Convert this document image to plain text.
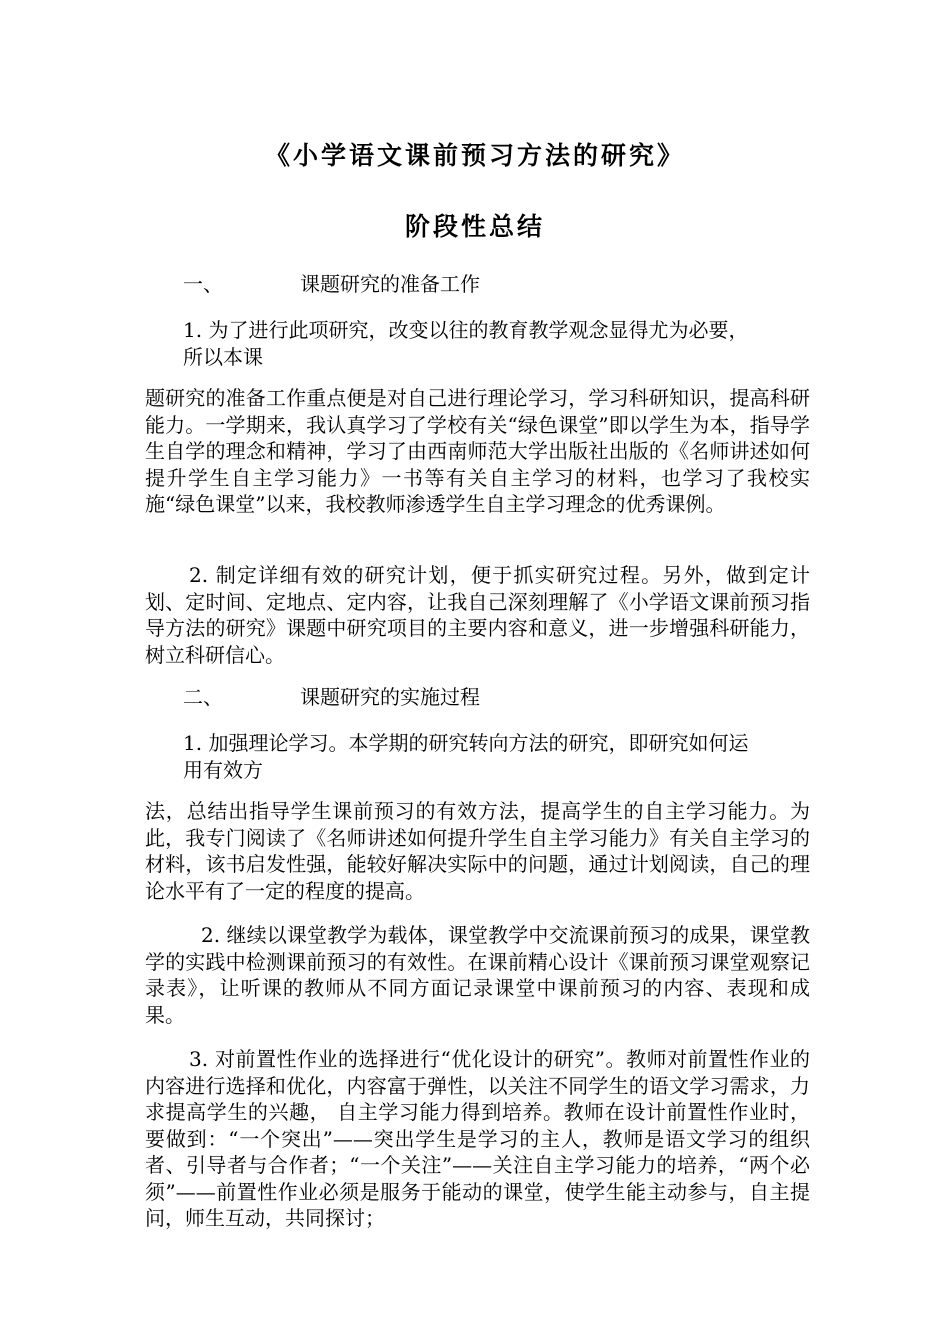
《小学语文课前预习方法的研究》
阶段性总结
一、	课题研究的准备工作

1. 为了进行此项研究，改变以往的教育教学观念显得尤为必要，

所以本课

题研究的准备工作重点便是对自己进行理论学习，学习科研知识，提高科研能力。一学期来，我认真学习了学校有关“绿色课堂”即以学生为本，指导学生自学的理念和精神，学习了由西南师范大学出版社出版的《名师讲述如何提升学生自主学习能力》一书等有关自主学习的材料，也学习了我校实施“绿色课堂”以来，我校教师渗透学生自主学习理念的优秀课例。

2. 制定详细有效的研究计划，便于抓实研究过程。另外，做到定计划、定时间、定地点、定内容，让我自己深刻理解了《小学语文课前预习指导方法的研究》课题中研究项目的主要内容和意义，进一步增强科研能力，树立科研信心。

二、	课题研究的实施过程

1. 加强理论学习。本学期的研究转向方法的研究，即研究如何运

用有效方

法，总结出指导学生课前预习的有效方法，提高学生的自主学习能力。为此，我专门阅读了《名师讲述如何提升学生自主学习能力》有关自主学习的材料，该书启发性强，能较好解决实际中的问题，通过计划阅读，自己的理论水平有了一定的程度的提高。

2. 继续以课堂教学为载体，课堂教学中交流课前预习的成果，课堂教学的实践中检测课前预习的有效性。在课前精心设计《课前预习课堂观察记录表》，让听课的教师从不同方面记录课堂中课前预习的内容、表现和成果。

3. 对前置性作业的选择进行“优化设计的研究”。教师对前置性作业的内容进行选择和优化，内容富于弹性，以关注不同学生的语文学习需求，力求提高学生的兴趣， 自主学习能力得到培养。教师在设计前置性作业时，要做到：“一个突出”——突出学生是学习的主人，教师是语文学习的组织者、引导者与合作者；“一个关注”——关注自主学习能力的培养，“两个必须”——前置性作业必须是服务于能动的课堂，使学生能主动参与，自主提问，师生互动，共同探讨；
